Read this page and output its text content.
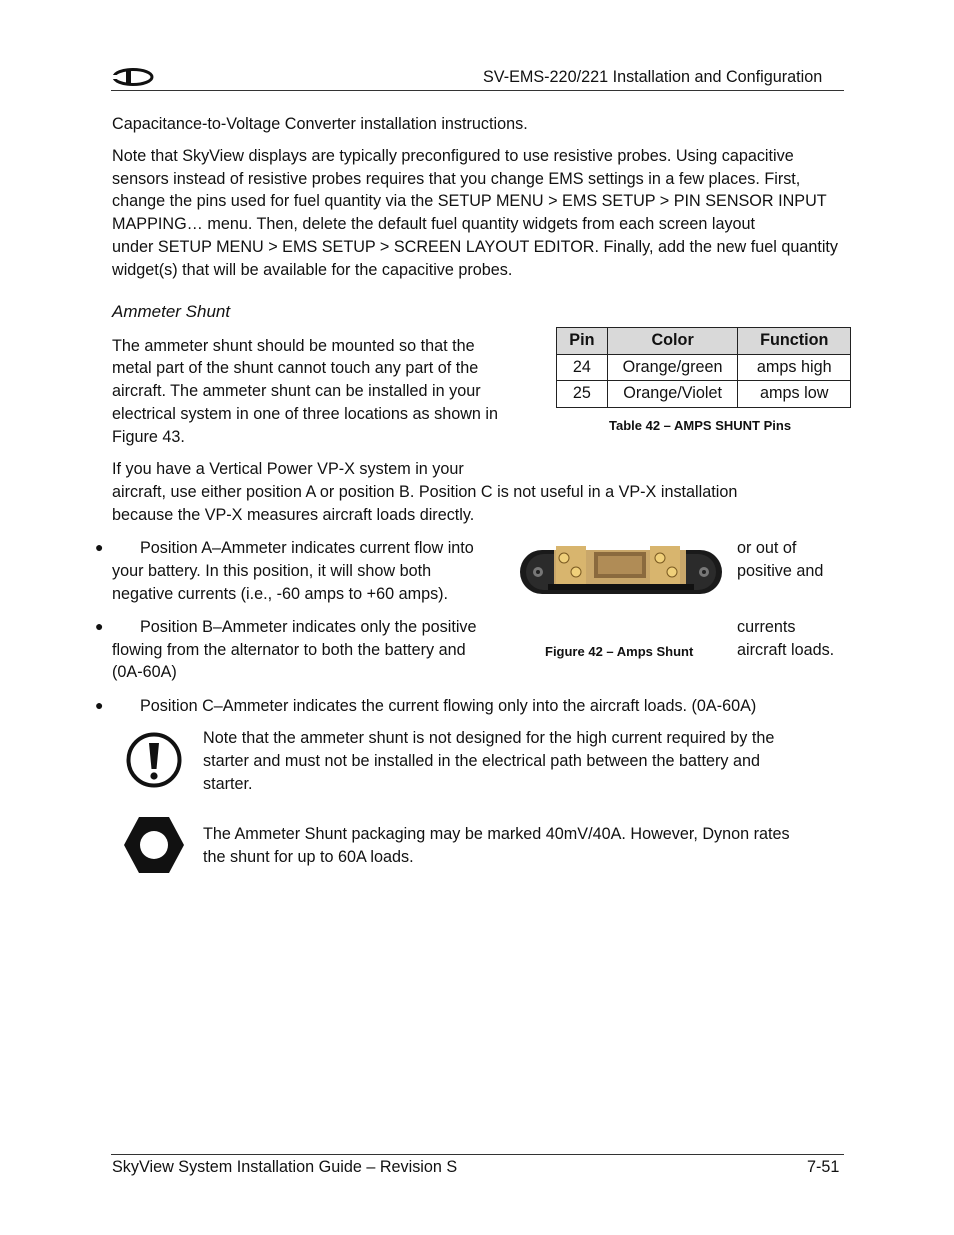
SV-EMS-220/221 Installation and Configuration
Capacitance-to-Voltage Converter installation instructions.
Note that SkyView displays are typically preconfigured to use resistive probes. Using capacitive
sensors instead of resistive probes requires that you change EMS settings in a few places. First,
change the pins used for fuel quantity via the SETUP MENU > EMS SETUP > PIN SENSOR INPUT
MAPPING… menu. Then, delete the default fuel quantity widgets from each screen layout
under SETUP MENU > EMS SETUP > SCREEN LAYOUT EDITOR. Finally, add the new fuel quantity
widget(s) that will be available for the capacitive probes.
Ammeter Shunt
The ammeter shunt should be mounted so that the
metal part of the shunt cannot touch any part of the
aircraft. The ammeter shunt can be installed in your
electrical system in one of three locations as shown in
Figure 43.
Pin	Color	Function
24	Orange/green	amps high
25	Orange/Violet	amps low
Table 42 – AMPS SHUNT Pins
If you have a Vertical Power VP-X system in your
aircraft, use either position A or position B. Position C is not useful in a VP-X installation
because the VP-X measures aircraft loads directly.
Figure 42 – Amps Shunt
● Position A–Ammeter indicates current flow into
your battery. In this position, it will show both
negative currents (i.e., -60 amps to +60 amps).
or out of
positive and
● Position B–Ammeter indicates only the positive
flowing from the alternator to both the battery and
(0A-60A)
currents
aircraft loads.
● Position C–Ammeter indicates the current flowing only into the aircraft loads. (0A-60A)
Note that the ammeter shunt is not designed for the high current required by the
starter and must not be installed in the electrical path between the battery and
starter.
The Ammeter Shunt packaging may be marked 40mV/40A. However, Dynon rates
the shunt for up to 60A loads.
SkyView System Installation Guide – Revision S	7-51
